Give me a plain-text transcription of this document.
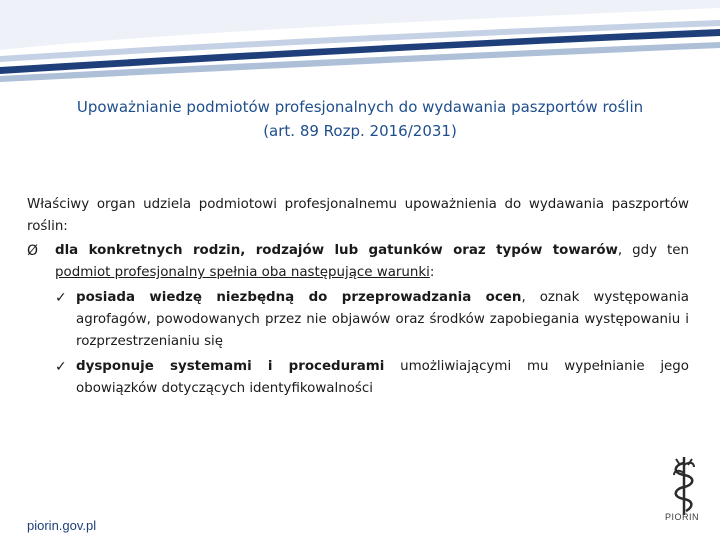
Upoważnianie podmiotów profesjonalnych do wydawania paszportów roślin
(art. 89 Rozp. 2016/2031)

Właściwy organ udziela podmiotowi profesjonalnemu upoważnienia do wydawania paszportów roślin:

Ø dla konkretnych rodzin, rodzajów lub gatunków oraz typów towarów, gdy ten podmiot profesjonalny spełnia oba następujące warunki:

✓ posiada wiedzę niezbędną do przeprowadzania ocen, oznak występowania agrofagów, powodowanych przez nie objawów oraz środków zapobiegania występowaniu i rozprzestrzenianiu się

✓ dysponuje systemami i procedurami umożliwiającymi mu wypełnianie jego obowiązków dotyczących identyfikowalności

piorin.gov.pl
PIORIN
